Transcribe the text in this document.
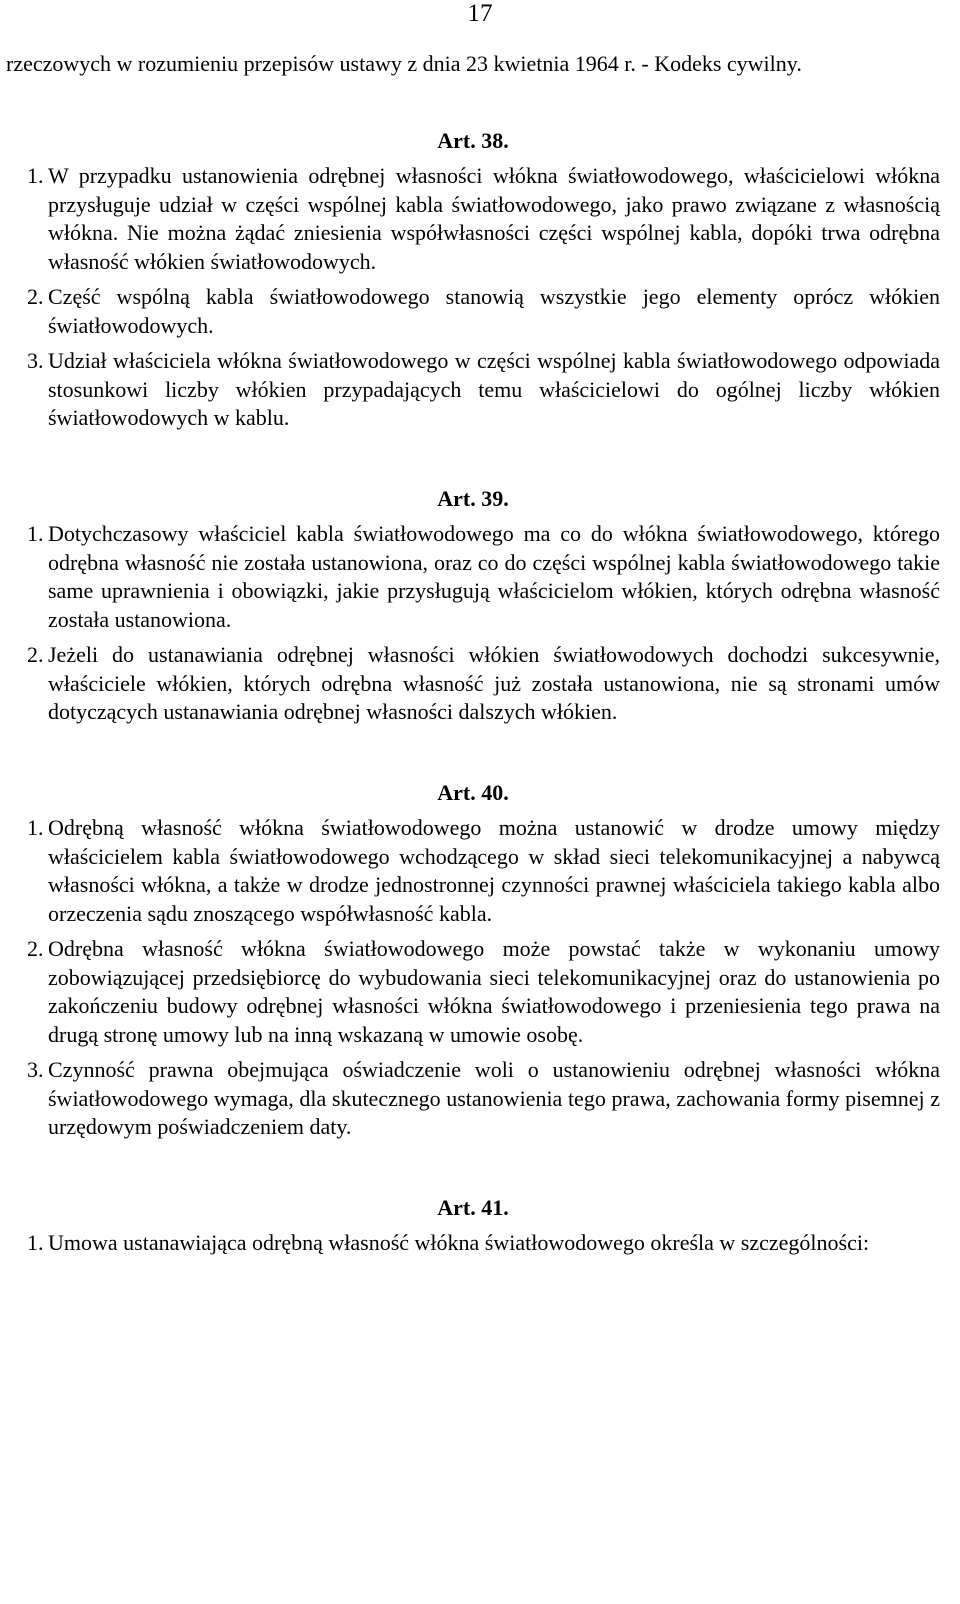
17

rzeczowych w rozumieniu przepisów ustawy z dnia 23 kwietnia 1964 r. - Kodeks cywilny.

Art. 38.

1. W przypadku ustanowienia odrębnej własności włókna światłowodowego, właścicielowi włókna przysługuje udział w części wspólnej kabla światłowodowego, jako prawo związane z własnością włókna. Nie można żądać zniesienia współwłasności części wspólnej kabla, dopóki trwa odrębna własność włókien światłowodowych.

2. Część wspólną kabla światłowodowego stanowią wszystkie jego elementy oprócz włókien światłowodowych.

3. Udział właściciela włókna światłowodowego w części wspólnej kabla światłowodowego odpowiada stosunkowi liczby włókien przypadających temu właścicielowi do ogólnej liczby włókien światłowodowych w kablu.

Art. 39.

1. Dotychczasowy właściciel kabla światłowodowego ma co do włókna światłowodowego, którego odrębna własność nie została ustanowiona, oraz co do części wspólnej kabla światłowodowego takie same uprawnienia i obowiązki, jakie przysługują właścicielom włókien, których odrębna własność została ustanowiona.

2. Jeżeli do ustanawiania odrębnej własności włókien światłowodowych dochodzi sukcesywnie, właściciele włókien, których odrębna własność już została ustanowiona, nie są stronami umów dotyczących ustanawiania odrębnej własności dalszych włókien.

Art. 40.

1. Odrębną własność włókna światłowodowego można ustanowić w drodze umowy między właścicielem kabla światłowodowego wchodzącego w skład sieci telekomunikacyjnej a nabywcą własności włókna, a także w drodze jednostronnej czynności prawnej właściciela takiego kabla albo orzeczenia sądu znoszącego współwłasność kabla.

2. Odrębna własność włókna światłowodowego może powstać także w wykonaniu umowy zobowiązującej przedsiębiorcę do wybudowania sieci telekomunikacyjnej oraz do ustanowienia po zakończeniu budowy odrębnej własności włókna światłowodowego i przeniesienia tego prawa na drugą stronę umowy lub na inną wskazaną w umowie osobę.

3. Czynność prawna obejmująca oświadczenie woli o ustanowieniu odrębnej własności włókna światłowodowego wymaga, dla skutecznego ustanowienia tego prawa, zachowania formy pisemnej z urzędowym poświadczeniem daty.

Art. 41.

1. Umowa ustanawiająca odrębną własność włókna światłowodowego określa w szczególności:
